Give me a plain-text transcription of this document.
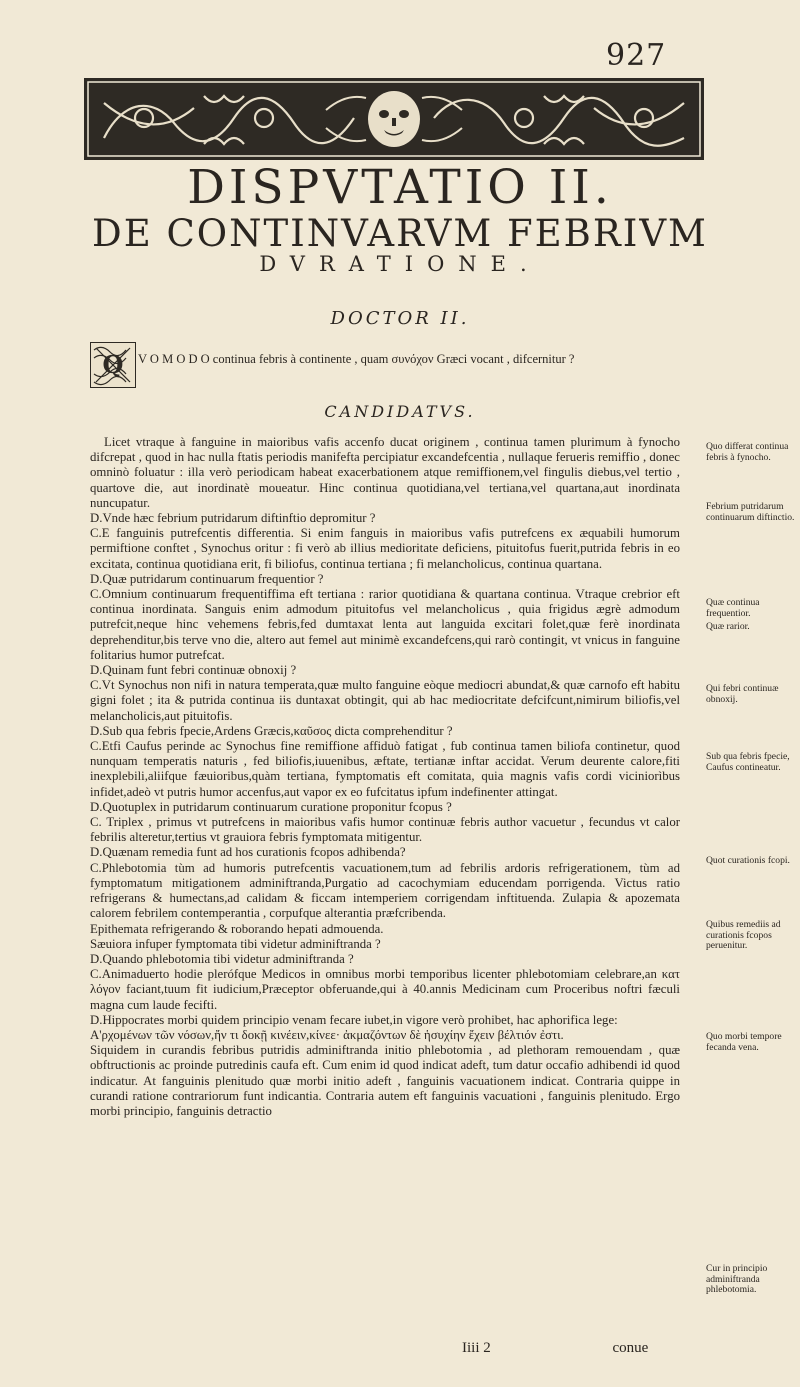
927
DISPVTATIO II.
DE CONTINVARVM FEBRIVM
DVRATIONE.
DOCTOR II.
Q V O M O D O continua febris à continente , quam συνόχον Græci vocant , difcernitur ?
CANDIDATVS.

Licet vtraque à fanguine in maioribus vafis accenfo ducat originem , continua tamen plurimum à fynocho difcrepat , quod in hac nulla ftatis periodis manifefta percipiatur excandefcentia , nullaque ferueris remiffio , donec omninò foluatur : illa verò periodicam habeat exacerbationem atque remiffionem,vel fingulis diebus,vel tertio , quartove die, aut inordinatè moueatur. Hinc continua quotidiana,vel tertiana,vel quartana,aut inordinata nuncupatur.

D.Vnde hæc febrium putridarum diftinftio depromitur ?

C.E fanguinis putrefcentis differentia. Si enim fanguis in maioribus vafis putrefcens ex æquabili humorum permiftione conftet , Synochus oritur : fi verò ab illius medioritate deficiens, pituitofus fuerit,putrida febris in eo excitata, continua quotidiana erit, fi biliofus, continua tertiana ; fi melancholicus, continua quartana.

D.Quæ putridarum continuarum frequentior ?

C.Omnium continuarum frequentiffima eft tertiana : rarior quotidiana & quartana continua. Vtraque crebrior eft continua inordinata. Sanguis enim admodum pituitofus vel melancholicus , quia frigidus ægrè admodum putrefcit,neque hinc vehemens febris,fed dumtaxat lenta aut languida excitari folet,quæ ferè inordinata deprehenditur,bis terve vno die, altero aut femel aut minimè excandefcens,qui rarò contingit, vt vnicus in fanguine folitarius humor putrefcat.

D.Quinam funt febri continuæ obnoxij ?

C.Vt Synochus non nifi in natura temperata,quæ multo fanguine eòque mediocri abundat,& quæ carnofo eft habitu gigni folet ; ita & putrida continua iis duntaxat obtingit, qui ab hac mediocritate defcifcunt,nimirum biliofis,vel melancholicis,aut pituitofis.

D.Sub qua febris fpecie,Ardens Græcis,καῦσος dicta comprehenditur ?

C.Etfi Caufus perinde ac Synochus fine remiffione affiduò fatigat , fub continua tamen biliofa continetur, quod nunquam temperatis naturis , fed biliofis,iuuenibus, æftate, tertianæ inftar accidat. Verum deurente calore,fiti inexplebili,aliifque fæuioribus,quàm tertiana, fymptomatis eft comitata, quia magnis vafis cordi viciniorìbus infidet,adeò vt putris humor accenfus,aut vapor ex eo fufcitatus ipfum indefinenter attingat.

D.Quotuplex in putridarum continuarum curatione proponitur fcopus ?

C. Triplex , primus vt putrefcens in maioribus vafis humor continuæ febris author vacuetur , fecundus vt calor febrilis alteretur,tertius vt grauiora febris fymptomata mitigentur.

D.Quænam remedia funt ad hos curationis fcopos adhibenda?

C.Phlebotomia tùm ad humoris putrefcentis vacuationem,tum ad febrilis ardoris refrigerationem, tùm ad fymptomatum mitigationem adminiftranda,Purgatio ad cacochymiam educendam porrigenda. Victus ratio refrigerans & humectans,ad calidam & ficcam intemperiem corrigendam inftituenda. Zulapia & apozemata calorem febrilem contemperantia , corpufque alterantia præfcribenda.

Epithemata refrigerando & roborando hepati admouenda.

Sæuiora infuper fymptomata tibi videtur adminiftranda ?

D.Quando phlebotomia tibi videtur adminiftranda ?

C.Animaduerto hodie plerófque Medicos in omnibus morbi temporibus licenter phlebotomiam celebrare,an κατ λόγον faciant,tuum fit iudicium,Præceptor obferuande,qui à 40.annis Medicinam cum Proceribus noftri fæculi magna cum laude fecifti.

D.Hippocrates morbi quidem principio venam fecare iubet,in vigore verò prohibet, hac aphorifica lege:

Α'ρχομένων τῶν νόσων,ἤν τι δοκῇ κινέειν,κίνεε· ἀκμαζόντων δὲ ἡσυχίην ἔχειν βέλτιόν ἐστι.

Siquidem in curandis febribus putridis adminiftranda initio phlebotomia , ad plethoram remouendam , quæ obftructionis ac proinde putredinis caufa eft. Cum enim id quod indicat adeft, tum datur occafio adhibendi id quod indicatur. At fanguinis plenitudo quæ morbi initio adeft , fanguinis vacuationem indicat. Contraria quippe in curandi ratione contrariorum funt indicantia. Contraria autem eft fanguinis vacuationi , fanguinis plenitudo. Ergo morbi principio, fanguinis detractio

Quo differat continua febris à fynocho.
Febrium putridarum continuarum diftinctio.
Quæ continua frequentior.
Quæ rarior.
Qui febri continuæ obnoxij.
Sub qua febris fpecie, Caufus contineatur.
Quot curationis fcopi.
Quibus remediis ad curationis fcopos peruenitur.
Quo morbi tempore fecanda vena.
Cur in principio adminiftranda phlebotomia.
Iiii 2	conue
